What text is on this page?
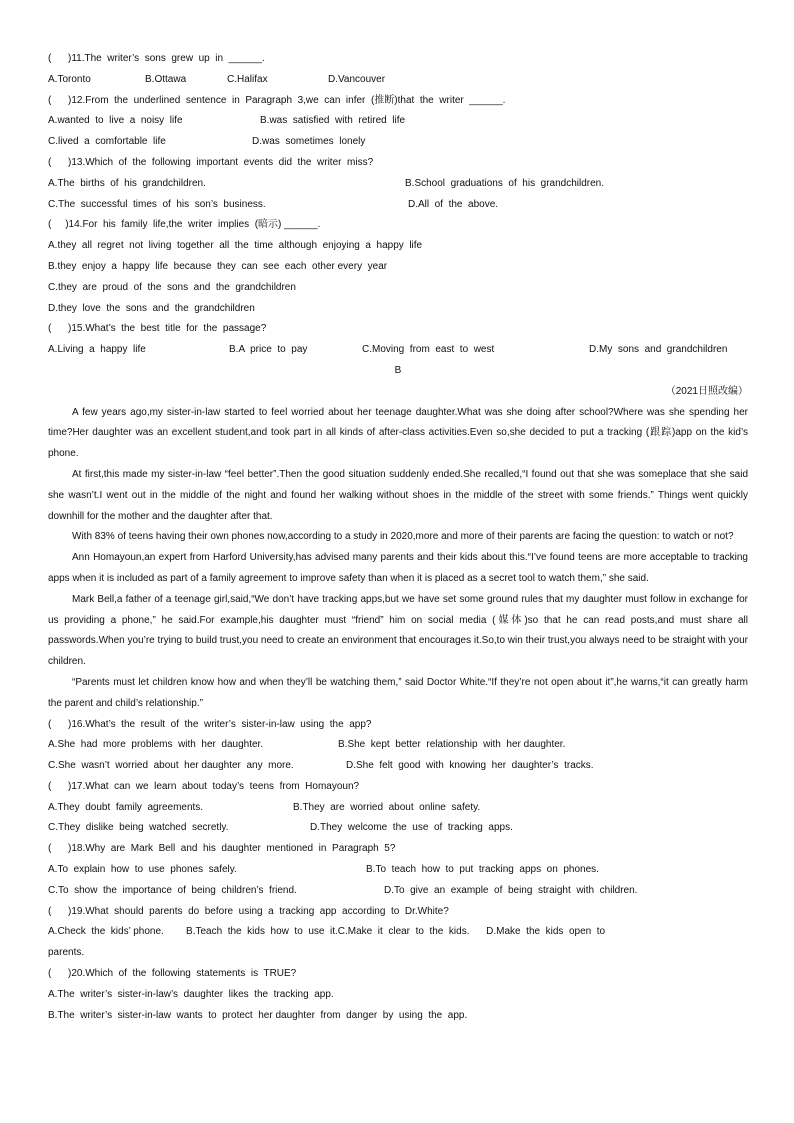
(      )11.The  writer’s  sons  grew  up  in  ______.
A.Toronto	B.Ottawa	C.Halifax	D.Vancouver
(      )12.From  the  underlined  sentence  in  Paragraph  3,we  can  infer  (推断)that  the  writer  ______.
A.wanted  to  live  a  noisy  life	B.was  satisfied  with  retired  life
C.lived  a  comfortable  life	D.was  sometimes  lonely
(      )13.Which  of  the  following  important  events  did  the  writer  miss?
A.The  births  of  his  grandchildren.	B.School  graduations  of  his  grandchildren.
C.The  successful  times  of  his  son’s  business.	D.All  of  the  above.
(     )14.For  his  family  life,the  writer  implies  (暗示) ______.
A.they  all  regret  not  living  together  all  the  time  although  enjoying  a  happy  life
B.they  enjoy  a  happy  life  because  they  can  see  each  other every  year
C.they  are  proud  of  the  sons  and  the  grandchildren
D.they  love  the  sons  and  the  grandchildren
(      )15.What’s  the  best  title  for  the  passage?
A.Living  a  happy  life	B.A  price  to  pay	C.Moving  from  east  to  west	D.My  sons  and  grandchildren
B
（2021日照改编）
A few years ago,my sister-in-law started to feel worried about her teenage daughter.What was she doing after school?Where was she spending her time?Her daughter was an excellent student,and took part in all kinds of after-class activities.Even so,she decided to put a tracking (跟踪)app on the kid’s phone.
At first,this made my sister-in-law “feel better”.Then the good situation suddenly ended.She recalled,“I found out that she was someplace that she said she wasn’t.I went out in the middle of the night and found her walking without shoes in the middle of the street with some friends.” Things went quickly downhill for the mother and the daughter after that.
With 83% of teens having their own phones now,according to a study in 2020,more and more of their parents are facing the question: to watch or not?
Ann Homayoun,an expert from Harford University,has advised many parents and their kids about this.“I’ve found teens are more acceptable to tracking apps when it is included as part of a family agreement to improve safety than when it is placed as a secret tool to watch them,” she said.
Mark Bell,a father of a teenage girl,said,“We don’t have tracking apps,but we have set some ground rules that my daughter must follow in exchange for us providing a phone,” he said.For example,his daughter must “friend” him on social media (媒体)so that he can read posts,and must share all passwords.When you’re trying to build trust,you need to create an environment that encourages it.So,to win their trust,you always need to be straight with your children.
“Parents must let children know how and when they’ll be watching them,” said Doctor White.“If they’re not open about it”,he warns,“it can greatly harm the parent and child’s relationship.”
(      )16.What’s  the  result  of  the  writer’s  sister-in-law  using  the  app?
A.She  had  more  problems  with  her  daughter.	B.She  kept  better  relationship  with  her daughter.
C.She  wasn’t  worried  about  her daughter  any  more.	D.She  felt  good  with  knowing  her  daughter’s  tracks.
(      )17.What  can  we  learn  about  today’s  teens  from  Homayoun?
A.They  doubt  family  agreements.	B.They  are  worried  about  online  safety.
C.They  dislike  being  watched  secretly.	D.They  welcome  the  use  of  tracking  apps.
(      )18.Why  are  Mark  Bell  and  his  daughter  mentioned  in  Paragraph  5?
A.To  explain  how  to  use  phones  safely.	B.To  teach  how  to  put  tracking  apps  on  phones.
C.To  show  the  importance  of  being  children’s  friend.	D.To  give  an  example  of  being  straight  with  children.
(      )19.What  should  parents  do  before  using  a  tracking  app  according  to  Dr.White?
A.Check  the  kids’ phone.        B.Teach  the  kids  how  to  use  it.C.Make  it  clear  to  the  kids.      D.Make  the  kids  open  to
parents.
(      )20.Which  of  the  following  statements  is  TRUE?
A.The  writer’s  sister-in-law’s  daughter  likes  the  tracking  app.
B.The  writer’s  sister-in-law  wants  to  protect  her daughter  from  danger  by  using  the  app.
